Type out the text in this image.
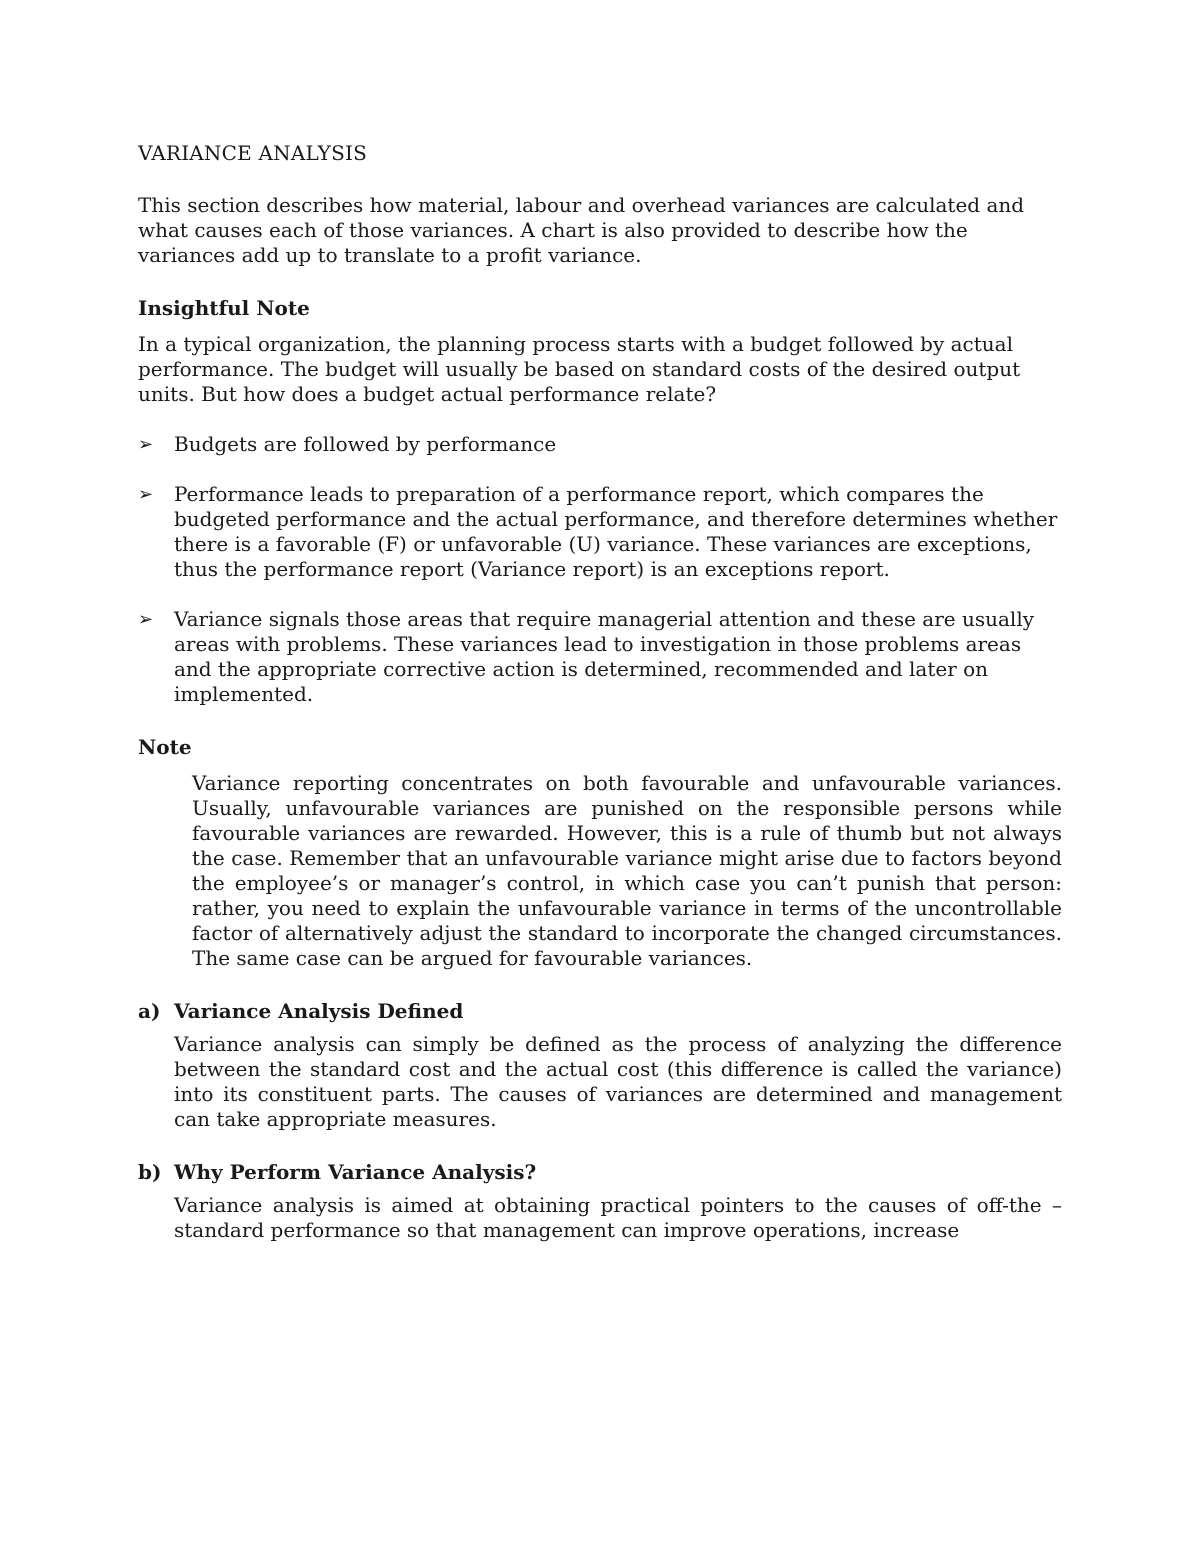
VARIANCE ANALYSIS

This section describes how material, labour and overhead variances are calculated and what causes each of those variances. A chart is also provided to describe how the variances add up to translate to a profit variance.

Insightful Note

In a typical organization, the planning process starts with a budget followed by actual performance. The budget will usually be based on standard costs of the desired output units. But how does a budget actual performance relate?

➢ Budgets are followed by performance
➢ Performance leads to preparation of a performance report, which compares the budgeted performance and the actual performance, and therefore determines whether there is a favorable (F) or unfavorable (U) variance. These variances are exceptions, thus the performance report (Variance report) is an exceptions report.
➢ Variance signals those areas that require managerial attention and these are usually areas with problems. These variances lead to investigation in those problems areas and the appropriate corrective action is determined, recommended and later on implemented.
Note

Variance reporting concentrates on both favourable and unfavourable variances. Usually, unfavourable variances are punished on the responsible persons while favourable variances are rewarded. However, this is a rule of thumb but not always the case. Remember that an unfavourable variance might arise due to factors beyond the employee’s or manager’s control, in which case you can’t punish that person: rather, you need to explain the unfavourable variance in terms of the uncontrollable factor of alternatively adjust the standard to incorporate the changed circumstances. The same case can be argued for favourable variances.

a) Variance Analysis Defined

Variance analysis can simply be defined as the process of analyzing the difference between the standard cost and the actual cost (this difference is called the variance) into its constituent parts. The causes of variances are determined and management can take appropriate measures.

b) Why Perform Variance Analysis?

Variance analysis is aimed at obtaining practical pointers to the causes of off-the –standard performance so that management can improve operations, increase
